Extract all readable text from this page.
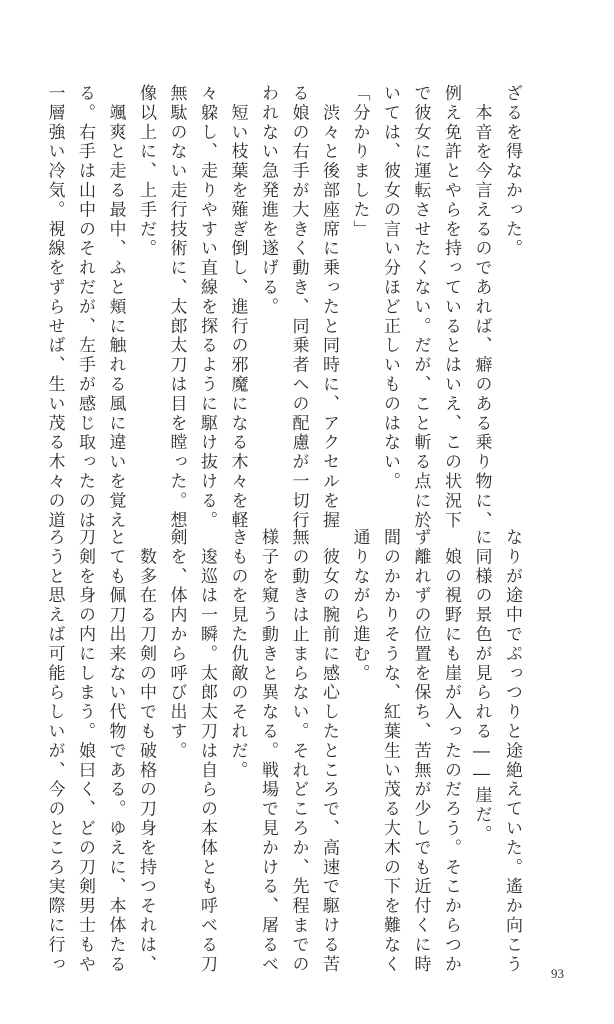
ざるを得なかった。
　本音を今言えるのであれば、癖のある乗り物に、
例え免許とやらを持っているとはいえ、この状況下
で彼女に運転させたくない。だが、こと斬る点に於
いては、彼女の言い分ほど正しいものはない。
「分かりました」
　渋々と後部座席に乗ったと同時に、アクセルを握
る娘の右手が大きく動き、同乗者への配慮が一切行
われない急発進を遂げる。
　短い枝葉を薙ぎ倒し、進行の邪魔になる木々を軽
々躱し、走りやすい直線を探るように駆け抜ける。
無駄のない走行技術に、太郎太刀は目を瞠った。想
像以上に、上手だ。
　颯爽と走る最中、ふと頬に触れる風に違いを覚え
る。右手は山中のそれだが、左手が感じ取ったのは
一層強い冷気。視線をずらせば、生い茂る木々の道
なりが途中でぷっつりと途絶えていた。遙か向こう
に同様の景色が見られる――崖だ。
　娘の視野にも崖が入ったのだろう。そこからつか
ず離れずの位置を保ち、苦無が少しでも近付くに時
間のかかりそうな、紅葉生い茂る大木の下を難なく
通りながら進む。
　彼女の腕前に感心したところで、高速で駆ける苦
無の動きは止まらない。それどころか、先程までの
様子を窺う動きと異なる。戦場で見かける、屠るべ
きものを見た仇敵のそれだ。
　逡巡は一瞬。太郎太刀は自らの本体とも呼べる刀
剣を、体内から呼び出す。
　数多在る刀剣の中でも破格の刀身を持つそれは、
とても佩刀出来ない代物である。ゆえに、本体たる
刀剣を身の内にしまう。娘曰く、どの刀剣男士もや
ろうと思えば可能らしいが、今のところ実際に行っ	93
